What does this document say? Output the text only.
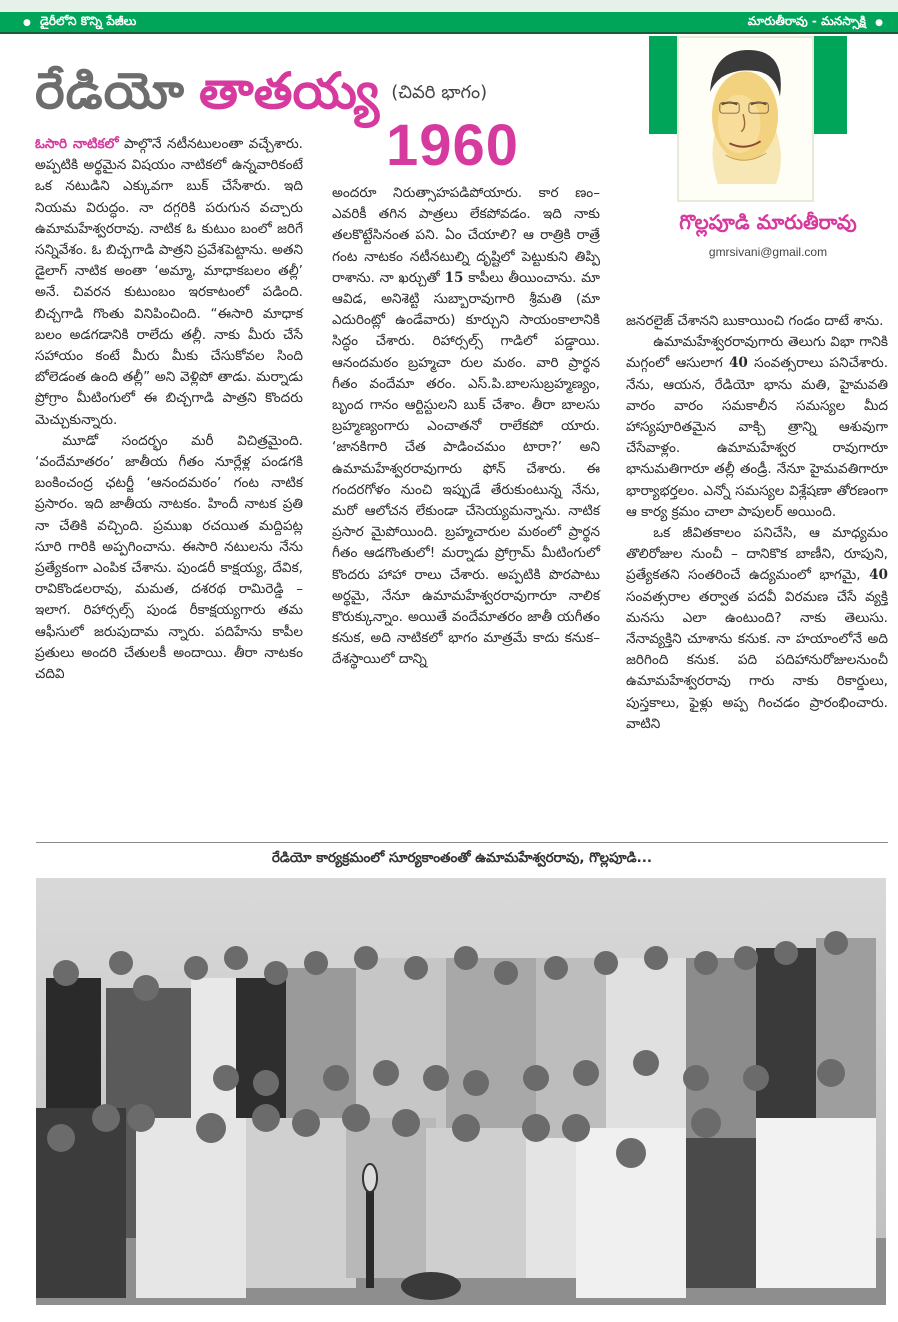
● డైరీలోని కొన్ని పేజీలు	మారుతీరావు - మనస్సాక్షి ●
రేడియో తాతయ్య (చివరి భాగం)
1960
గొల్లపూడి మారుతీరావు
gmrsivani@gmail.com

ఓసారి నాటికలో పాల్గొనే నటీనటులంతా వచ్చేశారు. అప్పటికి అర్థమైన విషయం నాటికలో ఉన్నవారికంటే ఒక నటుడిని ఎక్కువగా బుక్ చేసేశారు. ఇది నియమ విరుద్ధం. నా దగ్గరికి పరుగున వచ్చారు ఉమామహేశ్వరరావు. నాటిక ఓ కుటుం బంలో జరిగే సన్నివేశం. ఓ బిచ్చగాడి పాత్రని ప్రవేశపెట్టాను. అతని డైలాగ్ నాటిక అంతా ‘అమ్మా, మాధాకబలం తల్లీ’ అనే. చివరన కుటుంబం ఇరకాటంలో పడింది. బిచ్చగాడి గొంతు వినిపించింది. “ఈసారి మాధాక బలం అడగడానికి రాలేదు తల్లీ. నాకు మీరు చేసే సహాయం కంటే మీరు మీకు చేసుకోవల సింది బోలెడంత ఉంది తల్లీ” అని వెళ్లిపో తాడు. మర్నాడు ప్రోగ్రాం మీటింగులో ఈ బిచ్చగాడి పాత్రని కొందరు మెచ్చుకున్నారు.

మూడో సందర్భం మరీ విచిత్రమైంది. ‘వందేమాతరం’ జాతీయ గీతం నూర్లేళ్ల పండగకి బంకించంద్ర ఛటర్జీ ‘ఆనందమఠం’ గంట నాటిక ప్రసారం. ఇది జాతీయ నాటకం. హిందీ నాటక ప్రతి నా చేతికి వచ్చింది. ప్రముఖ రచయిత మద్దిపట్ల సూరి గారికి అప్పగించాను. ఈసారి నటులను నేను ప్రత్యేకంగా ఎంపిక చేశాను. పుండరీ కాక్షయ్య, దేవిక, రావికొండలరావు, మమత, దశరథ రామిరెడ్డి – ఇలాగ. రిహార్సల్స్ పుండ రీకాక్షయ్యగారు తమ ఆఫీసులో జరుపుదామ న్నారు. పదిహేను కాపీల ప్రతులు అందరి చేతులకీ అందాయి. తీరా నాటకం చదివి

అందరూ నిరుత్సాహపడిపోయారు. కార ణం– ఎవరికీ తగిన పాత్రలు లేకపోవడం. ఇది నాకు తలకొట్టేసినంత పని. ఏం చేయాలి? ఆ రాత్రికి రాత్రే గంట నాటకం నటీనటుల్ని దృష్టిలో పెట్టుకుని తిప్పి రాశాను. నా ఖర్చుతో 15 కాపీలు తీయించాను. మా ఆవిడ, అనిశెట్టి సుబ్బారావుగారి శ్రీమతి (మా ఎదురింట్లో ఉండేవారు) కూర్చుని సాయంకాలానికి సిద్ధం చేశారు. రిహార్సల్స్ గాడిలో పడ్డాయి. ఆనందమఠం బ్రహ్మచా రుల మఠం. వారి ప్రార్థన గీతం వందేమా తరం. ఎస్.పి.బాలసుబ్రహ్మణ్యం, బృంద గానం ఆర్టిస్టులని బుక్ చేశాం. తీరా బాలసు బ్రహ్మణ్యంగారు ఎంచాతనో రాలేకపో యారు. ‘జానకిగారి చేత పాడించమం టారా?’ అని ఉమామహేశ్వరరావుగారు ఫోన్ చేశారు. ఈ గందరగోళం నుంచి ఇప్పుడే తేరుకుంటున్న నేను, మరో ఆలోచన లేకుండా చేసెయ్యమన్నాను. నాటిక ప్రసార మైపోయింది. బ్రహ్మచారుల మఠంలో ప్రార్థన గీతం ఆడగొంతులో! మర్నాడు ప్రోగ్రామ్ మీటింగులో కొందరు హాహా రాలు చేశారు. అప్పటికి పొరపాటు అర్థమై, నేనూ ఉమామహేశ్వరరావుగారూ నాలిక కొరుక్కున్నాం. అయితే వందేమాతరం జాతీ యగీతం కనుక, అది నాటికలో భాగం మాత్రమే కాదు కనుక– దేశస్థాయిలో దాన్ని

జనరలైజ్ చేశానని బుకాయించి గండం దాటే శాను.

ఉమామహేశ్వరరావుగారు తెలుగు విభా గానికి మగ్గంలో ఆసులాగ 40 సంవత్సరాలు పనిచేశారు. నేను, ఆయన, రేడియో భాను మతి, హైమవతి వారం వారం సమకాలీన సమస్యల మీద హాస్యపూరితమైన వాక్చి త్రాన్ని ఆశువుగా చేసేవాళ్లం. ఉమామహేశ్వర రావుగారూ భానుమతిగారూ తల్లీ తండ్రీ. నేనూ హైమవతిగారూ భార్యాభర్తలం. ఎన్నో సమస్యల విశ్లేషణా తోరణంగా ఆ కార్య క్రమం చాలా పాపులర్ అయింది.

ఒక జీవితకాలం పనిచేసి, ఆ మాధ్యమం తొలిరోజుల నుంచీ – దానికొక బాణీని, రూపుని, ప్రత్యేకతని సంతరించే ఉద్యమంలో భాగమై, 40 సంవత్సరాల తర్వాత పదవీ విరమణ చేసే వ్యక్తి మనసు ఎలా ఉంటుంది? నాకు తెలుసు. నేనావ్యక్తిని చూశాను కనుక. నా హయాంలోనే అది జరిగింది కనుక. పది పదిహానురోజులనుంచీ ఉమామహేశ్వరరావు గారు నాకు రికార్డులు, పుస్తకాలు, ఫైళ్లు అప్ప గించడం ప్రారంభించారు. వాటిని

రేడియో కార్యక్రమంలో సూర్యకాంతంతో ఉమామహేశ్వరరావు, గొల్లపూడి...
